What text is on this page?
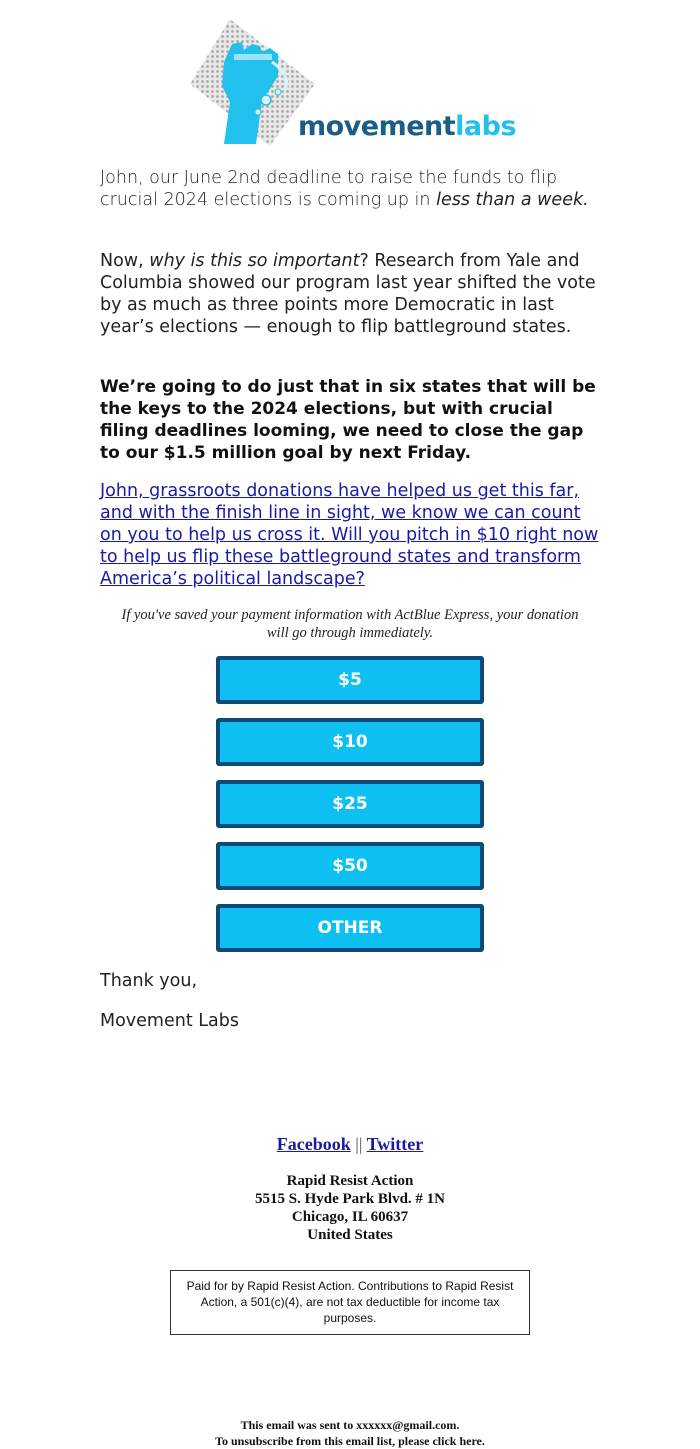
movementlabs

John, our June 2nd deadline to raise the funds to flip crucial 2024 elections is coming up in less than a week.

Now, why is this so important? Research from Yale and Columbia showed our program last year shifted the vote by as much as three points more Democratic in last year’s elections — enough to flip battleground states.

We’re going to do just that in six states that will be the keys to the 2024 elections, but with crucial filing deadlines looming, we need to close the gap to our $1.5 million goal by next Friday.

John, grassroots donations have helped us get this far, and with the finish line in sight, we know we can count on you to help us cross it. Will you pitch in $10 right now to help us flip these battleground states and transform America’s political landscape?

If you've saved your payment information with ActBlue Express, your donation will go through immediately.
$5
$10
$25
$50
OTHER
Thank you,
Movement Labs
Facebook || Twitter
Rapid Resist Action
5515 S. Hyde Park Blvd. # 1N
Chicago, IL 60637
United States
Paid for by Rapid Resist Action. Contributions to Rapid Resist Action, a 501(c)(4), are not tax deductible for income tax purposes.
This email was sent to xxxxxx@gmail.com.
To unsubscribe from this email list, please click here.
